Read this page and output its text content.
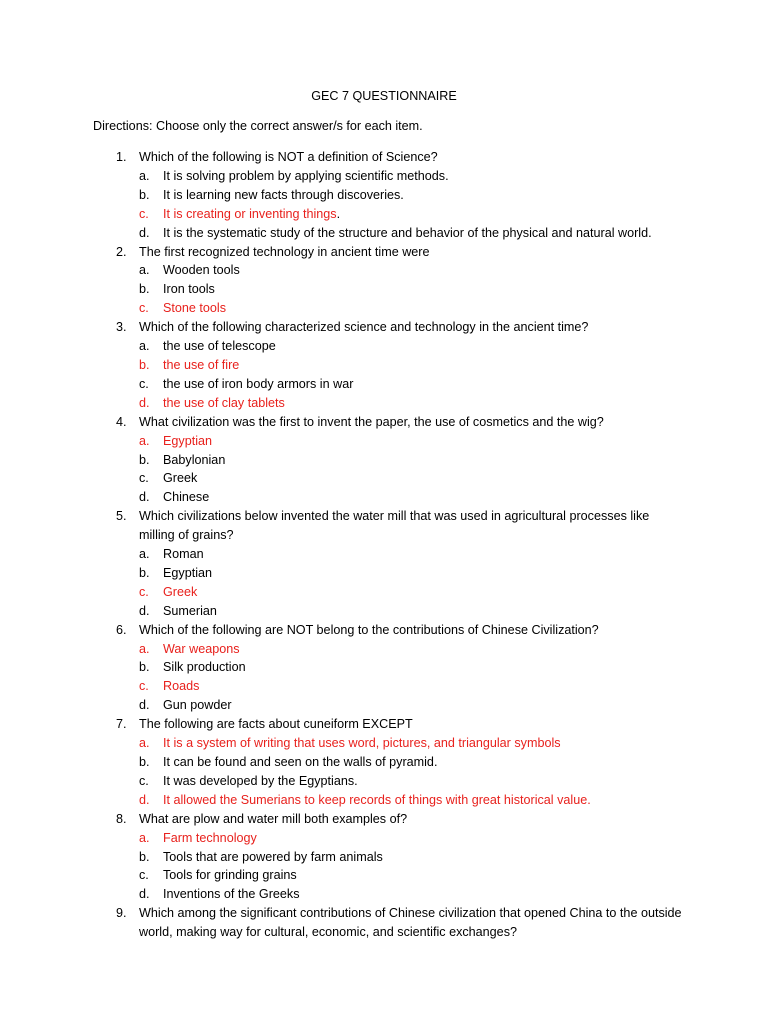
GEC 7 QUESTIONNAIRE
Directions: Choose only the correct answer/s for each item.
1. Which of the following is NOT a definition of Science?
a. It is solving problem by applying scientific methods.
b. It is learning new facts through discoveries.
c. It is creating or inventing things.
d. It is the systematic study of the structure and behavior of the physical and natural world.
2. The first recognized technology in ancient time were
a. Wooden tools
b. Iron tools
c. Stone tools
3. Which of the following characterized science and technology in the ancient time?
a. the use of telescope
b. the use of fire
c. the use of iron body armors in war
d. the use of clay tablets
4. What civilization was the first to invent the paper, the use of cosmetics and the wig?
a. Egyptian
b. Babylonian
c. Greek
d. Chinese
5. Which civilizations below invented the water mill that was used in agricultural processes like milling of grains?
a. Roman
b. Egyptian
c. Greek
d. Sumerian
6. Which of the following are NOT belong to the contributions of Chinese Civilization?
a. War weapons
b. Silk production
c. Roads
d. Gun powder
7. The following are facts about cuneiform EXCEPT
a. It is a system of writing that uses word, pictures, and triangular symbols
b. It can be found and seen on the walls of pyramid.
c. It was developed by the Egyptians.
d. It allowed the Sumerians to keep records of things with great historical value.
8. What are plow and water mill both examples of?
a. Farm technology
b. Tools that are powered by farm animals
c. Tools for grinding grains
d. Inventions of the Greeks
9. Which among the significant contributions of Chinese civilization that opened China to the outside world, making way for cultural, economic, and scientific exchanges?
